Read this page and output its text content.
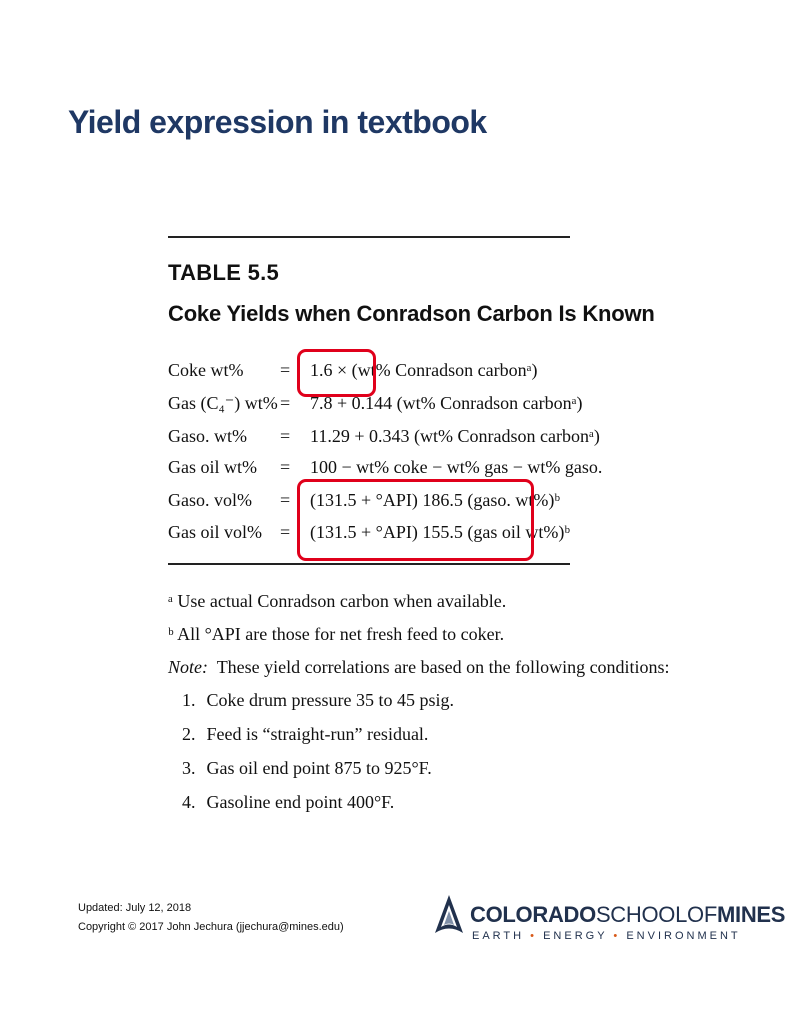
Yield expression in textbook
TABLE 5.5
Coke Yields when Conradson Carbon Is Known
Coke wt% = 1.6 × (wt% Conradson carbonᵃ)
Gas (C₄⁻) wt% = 7.8 + 0.144 (wt% Conradson carbonᵃ)
Gaso. wt% = 11.29 + 0.343 (wt% Conradson carbonᵃ)
Gas oil wt% = 100 − wt% coke − wt% gas − wt% gaso.
Gaso. vol% = (131.5 + °API) 186.5 (gaso. wt%)ᵇ
Gas oil vol% = (131.5 + °API) 155.5 (gas oil wt%)ᵇ
ᵃ Use actual Conradson carbon when available.
ᵇ All °API are those for net fresh feed to coker.
Note: These yield correlations are based on the following conditions:
1. Coke drum pressure 35 to 45 psig.
2. Feed is “straight-run” residual.
3. Gas oil end point 875 to 925°F.
4. Gasoline end point 400°F.
Updated: July 12, 2018
Copyright © 2017 John Jechura (jjechura@mines.edu)	COLORADOSCHOOLOFMINES
EARTH • ENERGY • ENVIRONMENT
